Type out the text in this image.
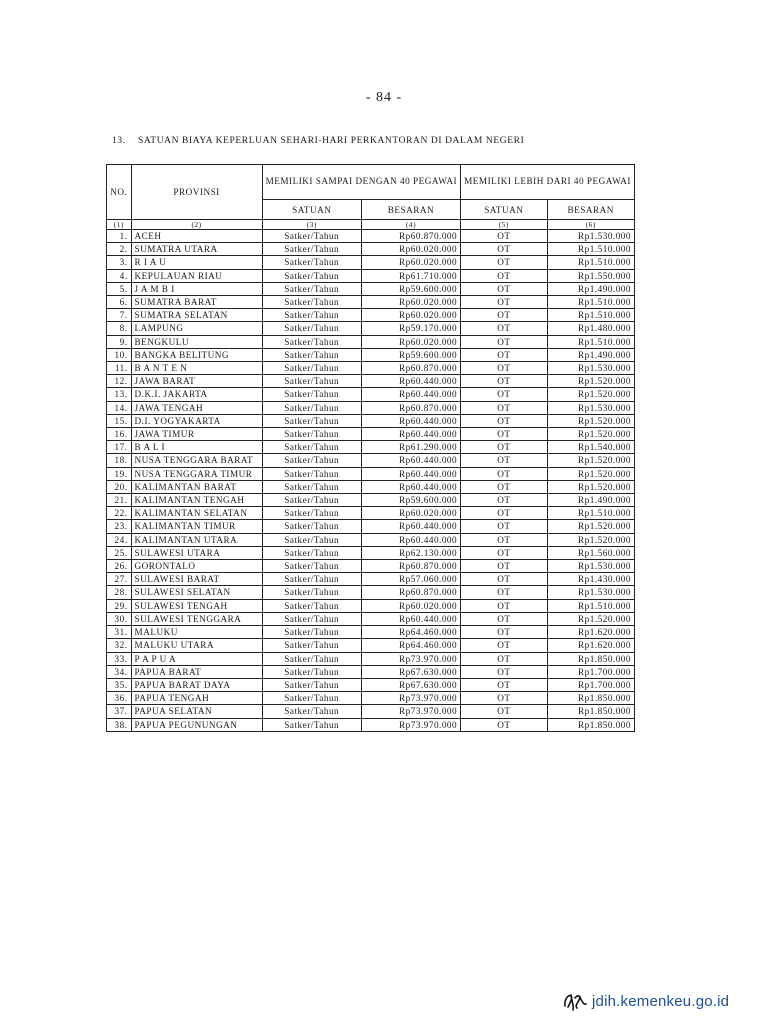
- 84 -
13. SATUAN BIAYA KEPERLUAN SEHARI-HARI PERKANTORAN DI DALAM NEGERI
NO.	PROVINSI	MEMILIKI SAMPAI DENGAN 40 PEGAWAI		MEMILIKI LEBIH DARI 40 PEGAWAI	
		SATUAN	BESARAN	SATUAN	BESARAN
(1)	(2)	(3)	(4)	(5)	(6)
1.	ACEH	Satker/Tahun	Rp60.870.000	OT	Rp1.530.000
2.	SUMATRA UTARA	Satker/Tahun	Rp60.020.000	OT	Rp1.510.000
3.	R I A U	Satker/Tahun	Rp60.020.000	OT	Rp1.510.000
4.	KEPULAUAN RIAU	Satker/Tahun	Rp61.710.000	OT	Rp1.550.000
5.	J A M B I	Satker/Tahun	Rp59.600.000	OT	Rp1.490.000
6.	SUMATRA BARAT	Satker/Tahun	Rp60.020.000	OT	Rp1.510.000
7.	SUMATRA SELATAN	Satker/Tahun	Rp60.020.000	OT	Rp1.510.000
8.	LAMPUNG	Satker/Tahun	Rp59.170.000	OT	Rp1.480.000
9.	BENGKULU	Satker/Tahun	Rp60.020.000	OT	Rp1.510.000
10.	BANGKA BELITUNG	Satker/Tahun	Rp59.600.000	OT	Rp1.490.000
11.	B A N T E N	Satker/Tahun	Rp60.870.000	OT	Rp1.530.000
12.	JAWA BARAT	Satker/Tahun	Rp60.440.000	OT	Rp1.520.000
13.	D.K.I. JAKARTA	Satker/Tahun	Rp60.440.000	OT	Rp1.520.000
14.	JAWA TENGAH	Satker/Tahun	Rp60.870.000	OT	Rp1.530.000
15.	D.I. YOGYAKARTA	Satker/Tahun	Rp60.440.000	OT	Rp1.520.000
16.	JAWA TIMUR	Satker/Tahun	Rp60.440.000	OT	Rp1.520.000
17.	B A L I	Satker/Tahun	Rp61.290.000	OT	Rp1.540.000
18.	NUSA TENGGARA BARAT	Satker/Tahun	Rp60.440.000	OT	Rp1.520.000
19.	NUSA TENGGARA TIMUR	Satker/Tahun	Rp60.440.000	OT	Rp1.520.000
20.	KALIMANTAN BARAT	Satker/Tahun	Rp60.440.000	OT	Rp1.520.000
21.	KALIMANTAN TENGAH	Satker/Tahun	Rp59.600.000	OT	Rp1.490.000
22.	KALIMANTAN SELATAN	Satker/Tahun	Rp60.020.000	OT	Rp1.510.000
23.	KALIMANTAN TIMUR	Satker/Tahun	Rp60.440.000	OT	Rp1.520.000
24.	KALIMANTAN UTARA	Satker/Tahun	Rp60.440.000	OT	Rp1.520.000
25.	SULAWESI UTARA	Satker/Tahun	Rp62.130.000	OT	Rp1.560.000
26.	GORONTALO	Satker/Tahun	Rp60.870.000	OT	Rp1.530.000
27.	SULAWESI BARAT	Satker/Tahun	Rp57.060.000	OT	Rp1.430.000
28.	SULAWESI SELATAN	Satker/Tahun	Rp60.870.000	OT	Rp1.530.000
29.	SULAWESI TENGAH	Satker/Tahun	Rp60.020.000	OT	Rp1.510.000
30.	SULAWESI TENGGARA	Satker/Tahun	Rp60.440.000	OT	Rp1.520.000
31.	MALUKU	Satker/Tahun	Rp64.460.000	OT	Rp1.620.000
32.	MALUKU UTARA	Satker/Tahun	Rp64.460.000	OT	Rp1.620.000
33.	P A P U A	Satker/Tahun	Rp73.970.000	OT	Rp1.850.000
34.	PAPUA BARAT	Satker/Tahun	Rp67.630.000	OT	Rp1.700.000
35.	PAPUA BARAT DAYA	Satker/Tahun	Rp67.630.000	OT	Rp1.700.000
36.	PAPUA TENGAH	Satker/Tahun	Rp73.970.000	OT	Rp1.850.000
37.	PAPUA SELATAN	Satker/Tahun	Rp73.970.000	OT	Rp1.850.000
38.	PAPUA PEGUNUNGAN	Satker/Tahun	Rp73.970.000	OT	Rp1.850.000
jdih.kemenkeu.go.id
